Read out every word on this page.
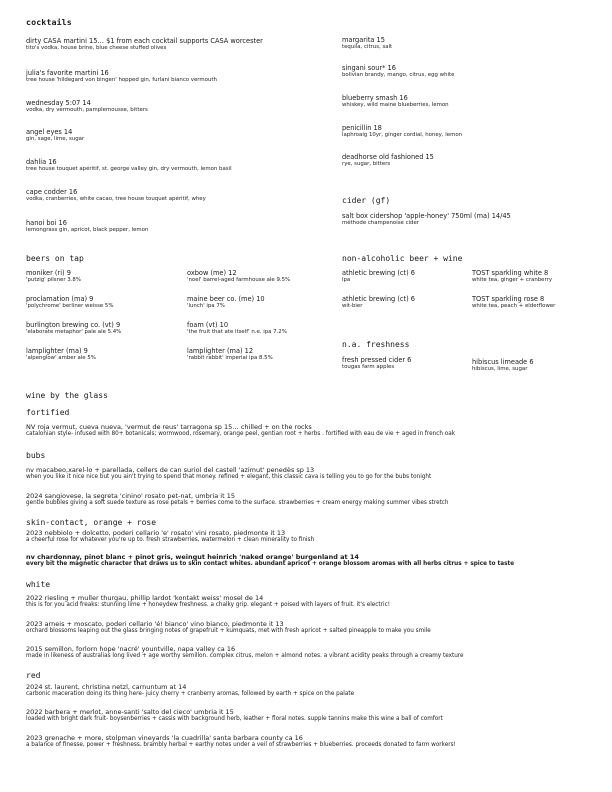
cocktails
dirty CASA martini 15… $1 from each cocktail supports CASA worcester
tito's vodka, house brine, blue cheese stuffed olives
julia's favorite martini 16
tree house 'hildegard von bingen' hopped gin, furlani bianco vermouth
wednesday 5:07 14
vodka, dry vermouth, pamplemousse, bitters
angel eyes 14
gin, sage, lime, sugar
dahlia 16
tree house touquet apéritif, st. george valley gin, dry vermouth, lemon basil
cape codder 16
vodka, cranberries, white cacao, tree house touquet apéritif, whey
hanoi boi 16
lemongrass gin, apricot, black pepper, lemon
margarita 15
tequila, citrus, salt
singani sour* 16
bolivian brandy, mango, citrus, egg white
blueberry smash 16
whiskey, wild maine blueberries, lemon
penicillin 18
laphroaig 10yr, ginger cordial, honey, lemon
deadhorse old fashioned 15
rye, sugar, bitters
cider (gf)
salt box cidershop 'apple-honey' 750ml (ma) 14/45
méthode champenoise cider
beers on tap
moniker (ri) 9
'putzig' pilsner 3.8%
proclamation (ma) 9
'polychrome' berliner weisse 5%
burlington brewing co. (vt) 9
'elaborate metaphor' pale ale 5.4%
lamplighter (ma) 9
'alpenglow' amber ale 5%
oxbow (me) 12
'noel' barrel-aged farmhouse ale 9.5%
maine beer co. (me) 10
'lunch' ipa 7%
foam (vt) 10
'the fruit that ate itself' n.e. ipa 7.2%
lamplighter (ma) 12
'rabbit rabbit' imperial ipa 8.5%
non-alcoholic beer + wine
athletic brewing (ct) 6
ipa
athletic brewing (ct) 6
wit-bier
TOST sparkling white 8
white tea, ginger + cranberry
TOST sparkling rose 8
white tea, peach + elderflower
n.a. freshness
fresh pressed cider 6
tougas farm apples
hibiscus limeade 6
hibiscus, lime, sugar
wine by the glass
fortified
NV roja vermut, cueva nueva, 'vermut de reus' tarragona sp 15… chilled + on the rocks
catalonian style- infused with 80+ botanicals; wormwood, rosemary, orange peel, gentian root + herbs . fortified with eau de vie + aged in french oak
bubs
nv macabeo,xarel-lo + parellada, cellers de can suriol del castell 'azimut' penedès sp 13
when you like it nice nice but you ain't trying to spend that money. refined + elegant, this classic cava is telling you to go for the bubs tonight
2024 sangiovese, la segreta 'cinino' rosato pet-nat, umbria it 15
gentle bubbles giving a soft suede texture as rose petals + berries come to the surface. strawberries + cream energy making summer vibes stretch
skin-contact, orange + rose
2023 nebbiolo + dolcetto, poderi cellario 'e' rosato' vini rosato, piedmonte it 13
a cheerful rose for whatever you're up to. fresh strawberries, watermelon + clean minerality to finish
nv chardonnay, pinot blanc + pinot gris, weingut heinrich 'naked orange' burgenland at 14
every bit the magnetic character that draws us to skin contact whites. abundant apricot + orange blossom aromas with all herbs citrus + spice to taste
white
2022 riesling + muller thurgau, phillip lardot 'kontakt weiss' mosel de 14
this is for you acid freaks: stunning lime + honeydew freshness. a chalky grip. elegant + poised with layers of fruit. it's electric!
2023 arneis + moscato, poderi cellario 'é! bianco' vino bianco, piedmonte it 13
orchard blossoms leaping out the glass bringing notes of grapefruit + kumquats, met with fresh apricot + salted pineapple to make you smile
2015 semillon, forlorn hope 'nacré' yountville, napa valley ca 16
made in likeness of australias long lived + age worthy semillon. complex citrus, melon + almond notes. a vibrant acidity peaks through a creamy texture
red
2024 st. laurent, christina netzl, carnuntum at 14
carbonic maceration doing its thing here- juicy cherry + cranberry aromas, followed by earth + spice on the palate
2022 barbera + merlot, anne-santi 'salto del cieco' umbria it 15
loaded with bright dark fruit- boysenberries + cassis with background herb, leather + floral notes. supple tannins make this wine a ball of comfort
2023 grenache + more, stolpman vineyards 'la cuadrilla' santa barbara county ca 16
a balance of finesse, power + freshness. brambly herbal + earthy notes under a veil of strawberries + blueberries. proceeds donated to farm workers!
